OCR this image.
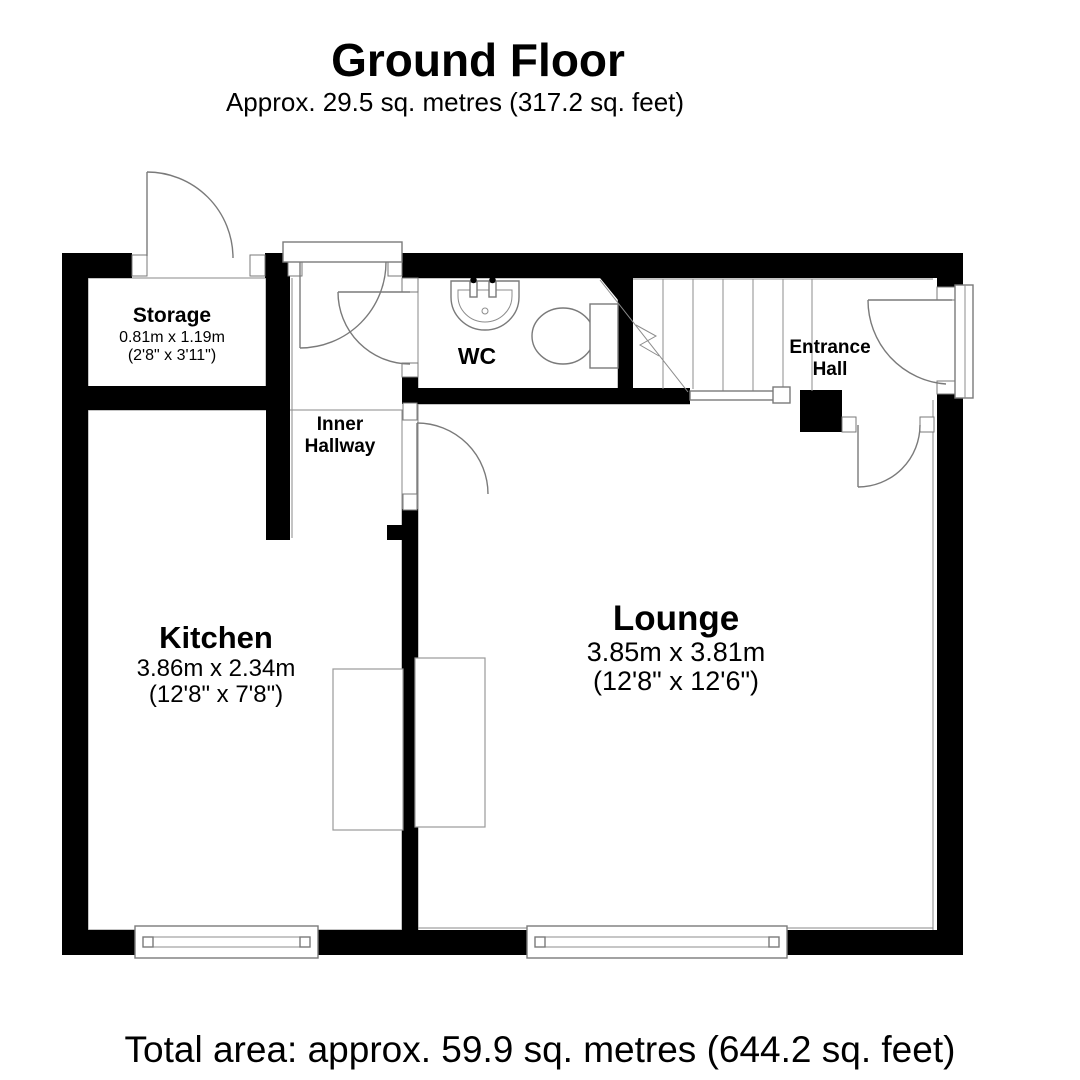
Ground Floor
Approx. 29.5 sq. metres (317.2 sq. feet)
Storage
0.81m x 1.19m
(2'8" x 3'11")
Inner
Hallway
WC	Entrance
Hall
Kitchen
3.86m x 2.34m
(12'8" x 7'8")
Lounge
3.85m x 3.81m
(12'8" x 12'6")
Total area: approx. 59.9 sq. metres (644.2 sq. feet)
